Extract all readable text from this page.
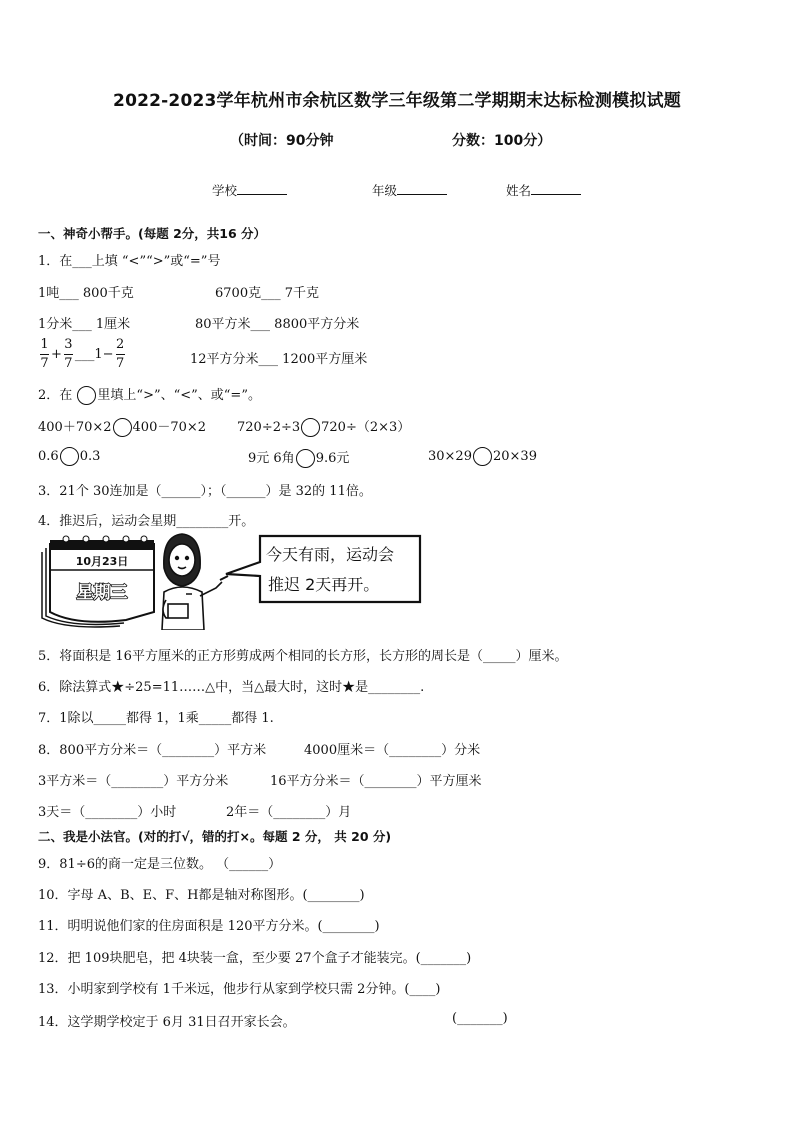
2022-2023学年杭州市余杭区数学三年级第二学期期末达标检测模拟试题
（时间：90分钟	分数：100分）
学校	年级	姓名
一、神奇小帮手。(每题 2分，共16 分）
1．在___上填 “<”“>”或“=”号
1吨___ 800千克	6700克___ 7千克
1分米___ 1厘米	80平方米___ 8800平方分米
$\frac{1}{7} + \frac{3}{7}$ ___1− $\frac{2}{7}$	12平方分米___ 1200平方厘米
2．在 里填上“>”、“<”、或“=”。
400＋70×2 400－70×2 720÷2÷3 720÷（2×3）
0.6 0.3	9元 6角 9.6元	30×29 20×39
3．21个 30连加是（______）；（______）是 32的 11倍。
4．推迟后，运动会星期________开。
10月23日
星期三
今天有雨，运动会
推迟 2天再开。
5．将面积是 16平方厘米的正方形剪成两个相同的长方形，长方形的周长是（_____）厘米。
6．除法算式★÷25=11……△中，当△最大时，这时★是________.
7．1除以_____都得 1，1乘_____都得 1.
8．800平方分米＝（________）平方米	4000厘米＝（________）分米
3平方米＝（________）平方分米	16平方分米＝（________）平方厘米
3天＝（________）小时	2年＝（________）月
二、我是小法官。(对的打√，错的打×。每题 2 分， 共 20 分)
9．81÷6的商一定是三位数。 （______）
10．字母 A、B、E、F、H都是轴对称图形。(________)
11．明明说他们家的住房面积是 120平方分米。(________)
12．把 109块肥皂，把 4块装一盒，至少要 27个盒子才能装完。(_______)
13．小明家到学校有 1千米远，他步行从家到学校只需 2分钟。(____)
14．这学期学校定于 6月 31日召开家长会。	(_______)
